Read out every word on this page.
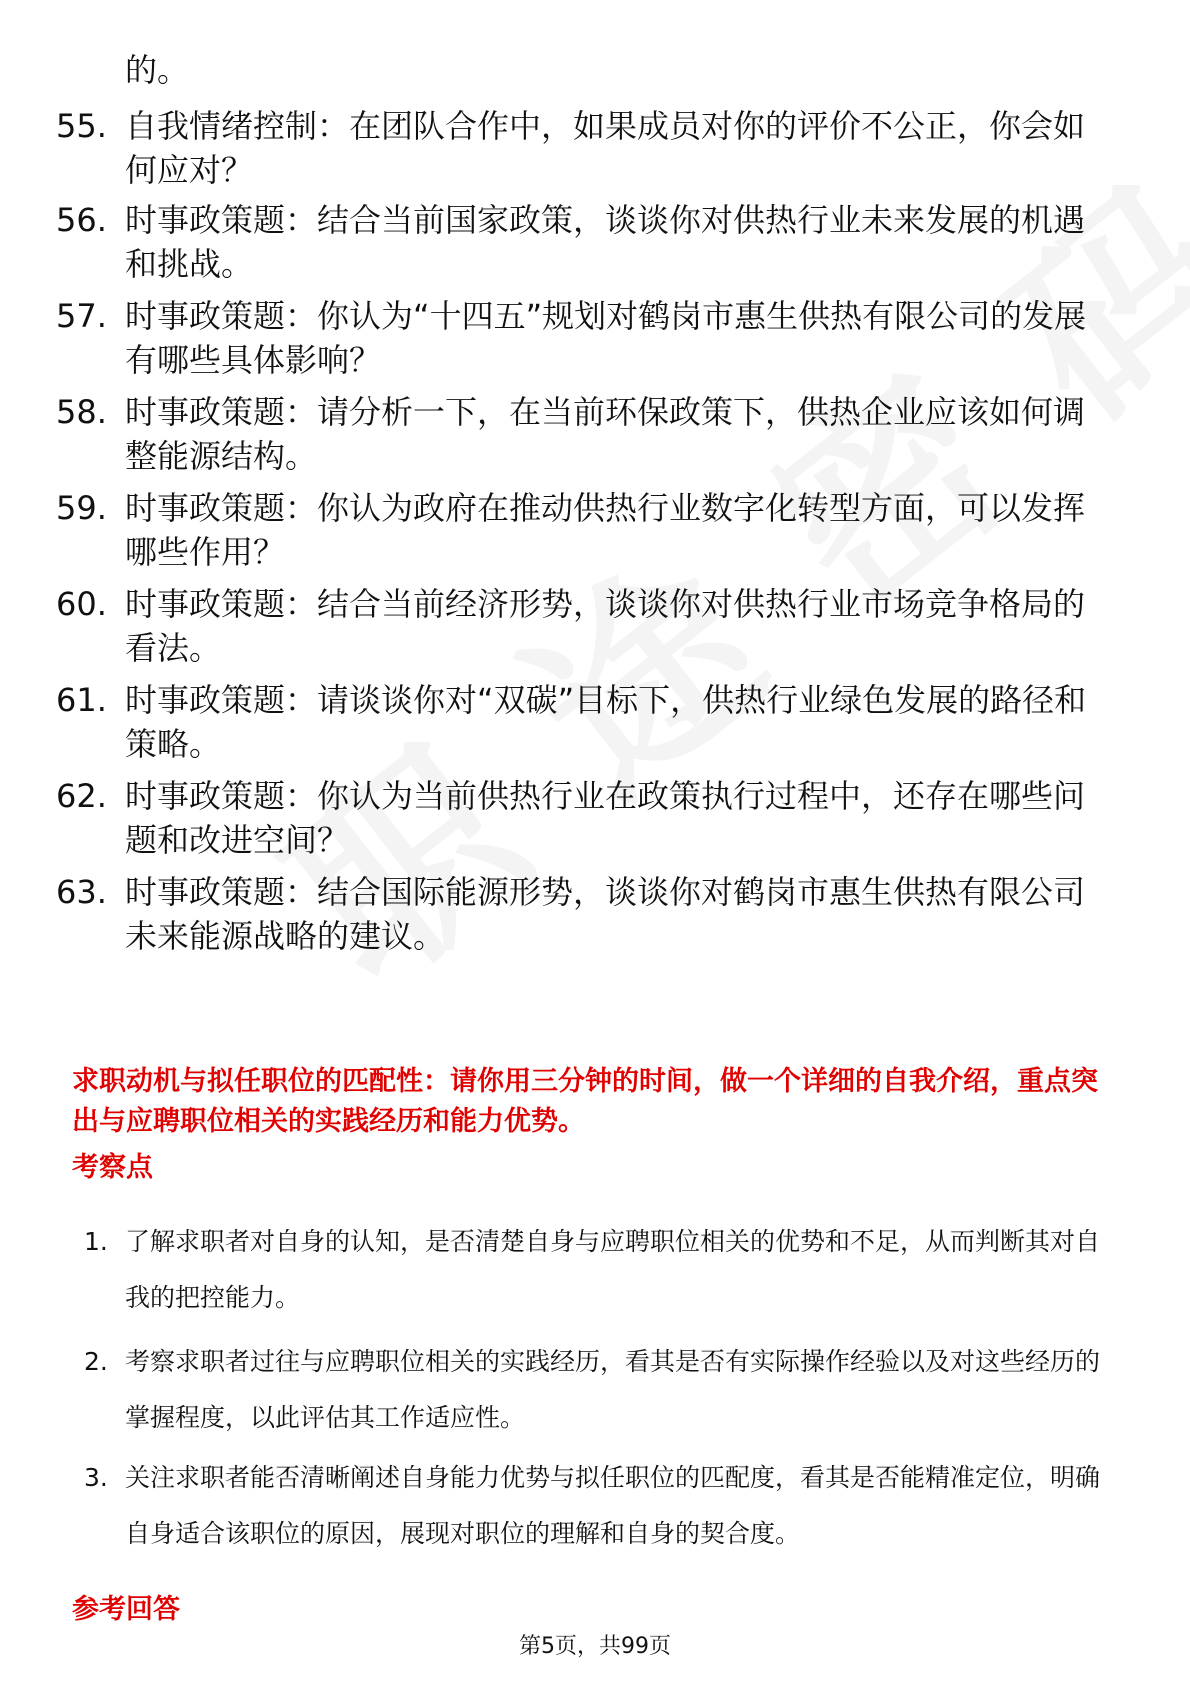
的。
55. 自我情绪控制：在团队合作中，如果成员对你的评价不公正，你会如何应对？
56. 时事政策题：结合当前国家政策，谈谈你对供热行业未来发展的机遇和挑战。
57. 时事政策题：你认为“十四五”规划对鹤岗市惠生供热有限公司的发展有哪些具体影响？
58. 时事政策题：请分析一下，在当前环保政策下，供热企业应该如何调整能源结构。
59. 时事政策题：你认为政府在推动供热行业数字化转型方面，可以发挥哪些作用？
60. 时事政策题：结合当前经济形势，谈谈你对供热行业市场竞争格局的看法。
61. 时事政策题：请谈谈你对“双碳”目标下，供热行业绿色发展的路径和策略。
62. 时事政策题：你认为当前供热行业在政策执行过程中，还存在哪些问题和改进空间？
63. 时事政策题：结合国际能源形势，谈谈你对鹤岗市惠生供热有限公司未来能源战略的建议。
求职动机与拟任职位的匹配性：请你用三分钟的时间，做一个详细的自我介绍，重点突出与应聘职位相关的实践经历和能力优势。
考察点
1. 了解求职者对自身的认知，是否清楚自身与应聘职位相关的优势和不足，从而判断其对自我的把控能力。
2. 考察求职者过往与应聘职位相关的实践经历，看其是否有实际操作经验以及对这些经历的掌握程度，以此评估其工作适应性。
3. 关注求职者能否清晰阐述自身能力优势与拟任职位的匹配度，看其是否能精准定位，明确自身适合该职位的原因，展现对职位的理解和自身的契合度。
参考回答
第5页，共99页
